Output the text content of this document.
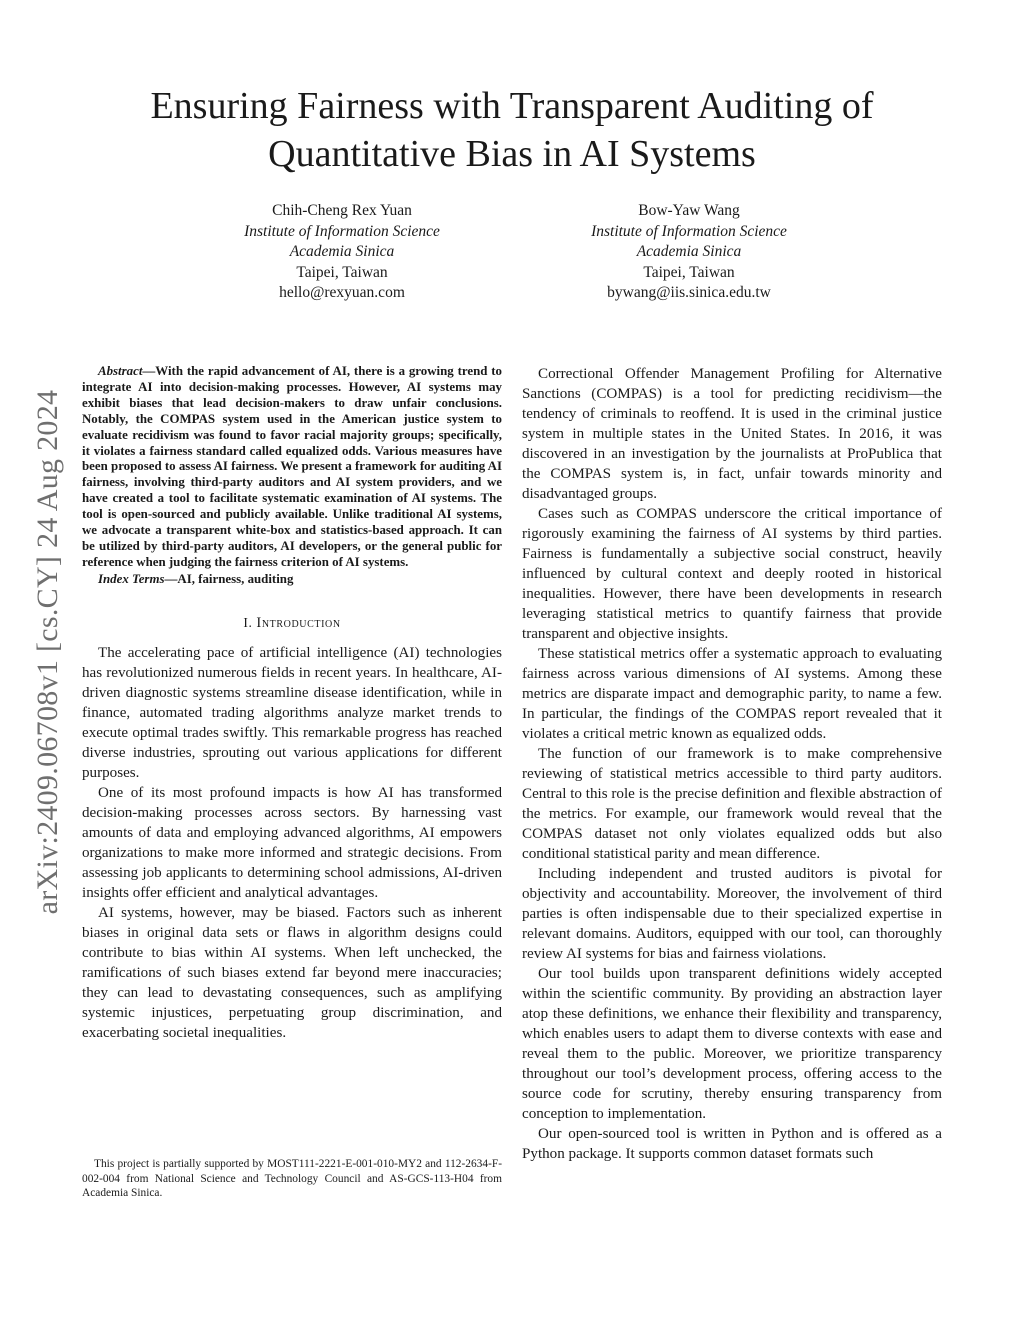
arXiv:2409.06708v1 [cs.CY] 24 Aug 2024
Ensuring Fairness with Transparent Auditing of Quantitative Bias in AI Systems
Chih-Cheng Rex Yuan
Institute of Information Science
Academia Sinica
Taipei, Taiwan
hello@rexyuan.com
Bow-Yaw Wang
Institute of Information Science
Academia Sinica
Taipei, Taiwan
bywang@iis.sinica.edu.tw

Abstract—With the rapid advancement of AI, there is a growing trend to integrate AI into decision-making processes. However, AI systems may exhibit biases that lead decision-makers to draw unfair conclusions. Notably, the COMPAS system used in the American justice system to evaluate recidivism was found to favor racial majority groups; specifically, it violates a fairness standard called equalized odds. Various measures have been proposed to assess AI fairness. We present a framework for auditing AI fairness, involving third-party auditors and AI system providers, and we have created a tool to facilitate systematic examination of AI systems. The tool is open-sourced and publicly available. Unlike traditional AI systems, we advocate a transparent white-box and statistics-based approach. It can be utilized by third-party auditors, AI developers, or the general public for reference when judging the fairness criterion of AI systems.

Index Terms—AI, fairness, auditing

I. Introduction

The accelerating pace of artificial intelligence (AI) technologies has revolutionized numerous fields in recent years. In healthcare, AI-driven diagnostic systems streamline disease identification, while in finance, automated trading algorithms analyze market trends to execute optimal trades swiftly. This remarkable progress has reached diverse industries, sprouting out various applications for different purposes.

One of its most profound impacts is how AI has transformed decision-making processes across sectors. By harnessing vast amounts of data and employing advanced algorithms, AI empowers organizations to make more informed and strategic decisions. From assessing job applicants to determining school admissions, AI-driven insights offer efficient and analytical advantages.

AI systems, however, may be biased. Factors such as inherent biases in original data sets or flaws in algorithm designs could contribute to bias within AI systems. When left unchecked, the ramifications of such biases extend far beyond mere inaccuracies; they can lead to devastating consequences, such as amplifying systemic injustices, perpetuating group discrimination, and exacerbating societal inequalities.

This project is partially supported by MOST111-2221-E-001-010-MY2 and 112-2634-F-002-004 from National Science and Technology Council and AS-GCS-113-H04 from Academia Sinica.

Correctional Offender Management Profiling for Alternative Sanctions (COMPAS) is a tool for predicting recidivism—the tendency of criminals to reoffend. It is used in the criminal justice system in multiple states in the United States. In 2016, it was discovered in an investigation by the journalists at ProPublica that the COMPAS system is, in fact, unfair towards minority and disadvantaged groups.

Cases such as COMPAS underscore the critical importance of rigorously examining the fairness of AI systems by third parties. Fairness is fundamentally a subjective social construct, heavily influenced by cultural context and deeply rooted in historical inequalities. However, there have been developments in research leveraging statistical metrics to quantify fairness that provide transparent and objective insights.

These statistical metrics offer a systematic approach to evaluating fairness across various dimensions of AI systems. Among these metrics are disparate impact and demographic parity, to name a few. In particular, the findings of the COMPAS report revealed that it violates a critical metric known as equalized odds.

The function of our framework is to make comprehensive reviewing of statistical metrics accessible to third party auditors. Central to this role is the precise definition and flexible abstraction of the metrics. For example, our framework would reveal that the COMPAS dataset not only violates equalized odds but also conditional statistical parity and mean difference.

Including independent and trusted auditors is pivotal for objectivity and accountability. Moreover, the involvement of third parties is often indispensable due to their specialized expertise in relevant domains. Auditors, equipped with our tool, can thoroughly review AI systems for bias and fairness violations.

Our tool builds upon transparent definitions widely accepted within the scientific community. By providing an abstraction layer atop these definitions, we enhance their flexibility and transparency, which enables users to adapt them to diverse contexts with ease and reveal them to the public. Moreover, we prioritize transparency throughout our tool’s development process, offering access to the source code for scrutiny, thereby ensuring transparency from conception to implementation.

Our open-sourced tool is written in Python and is offered as a Python package. It supports common dataset formats such
